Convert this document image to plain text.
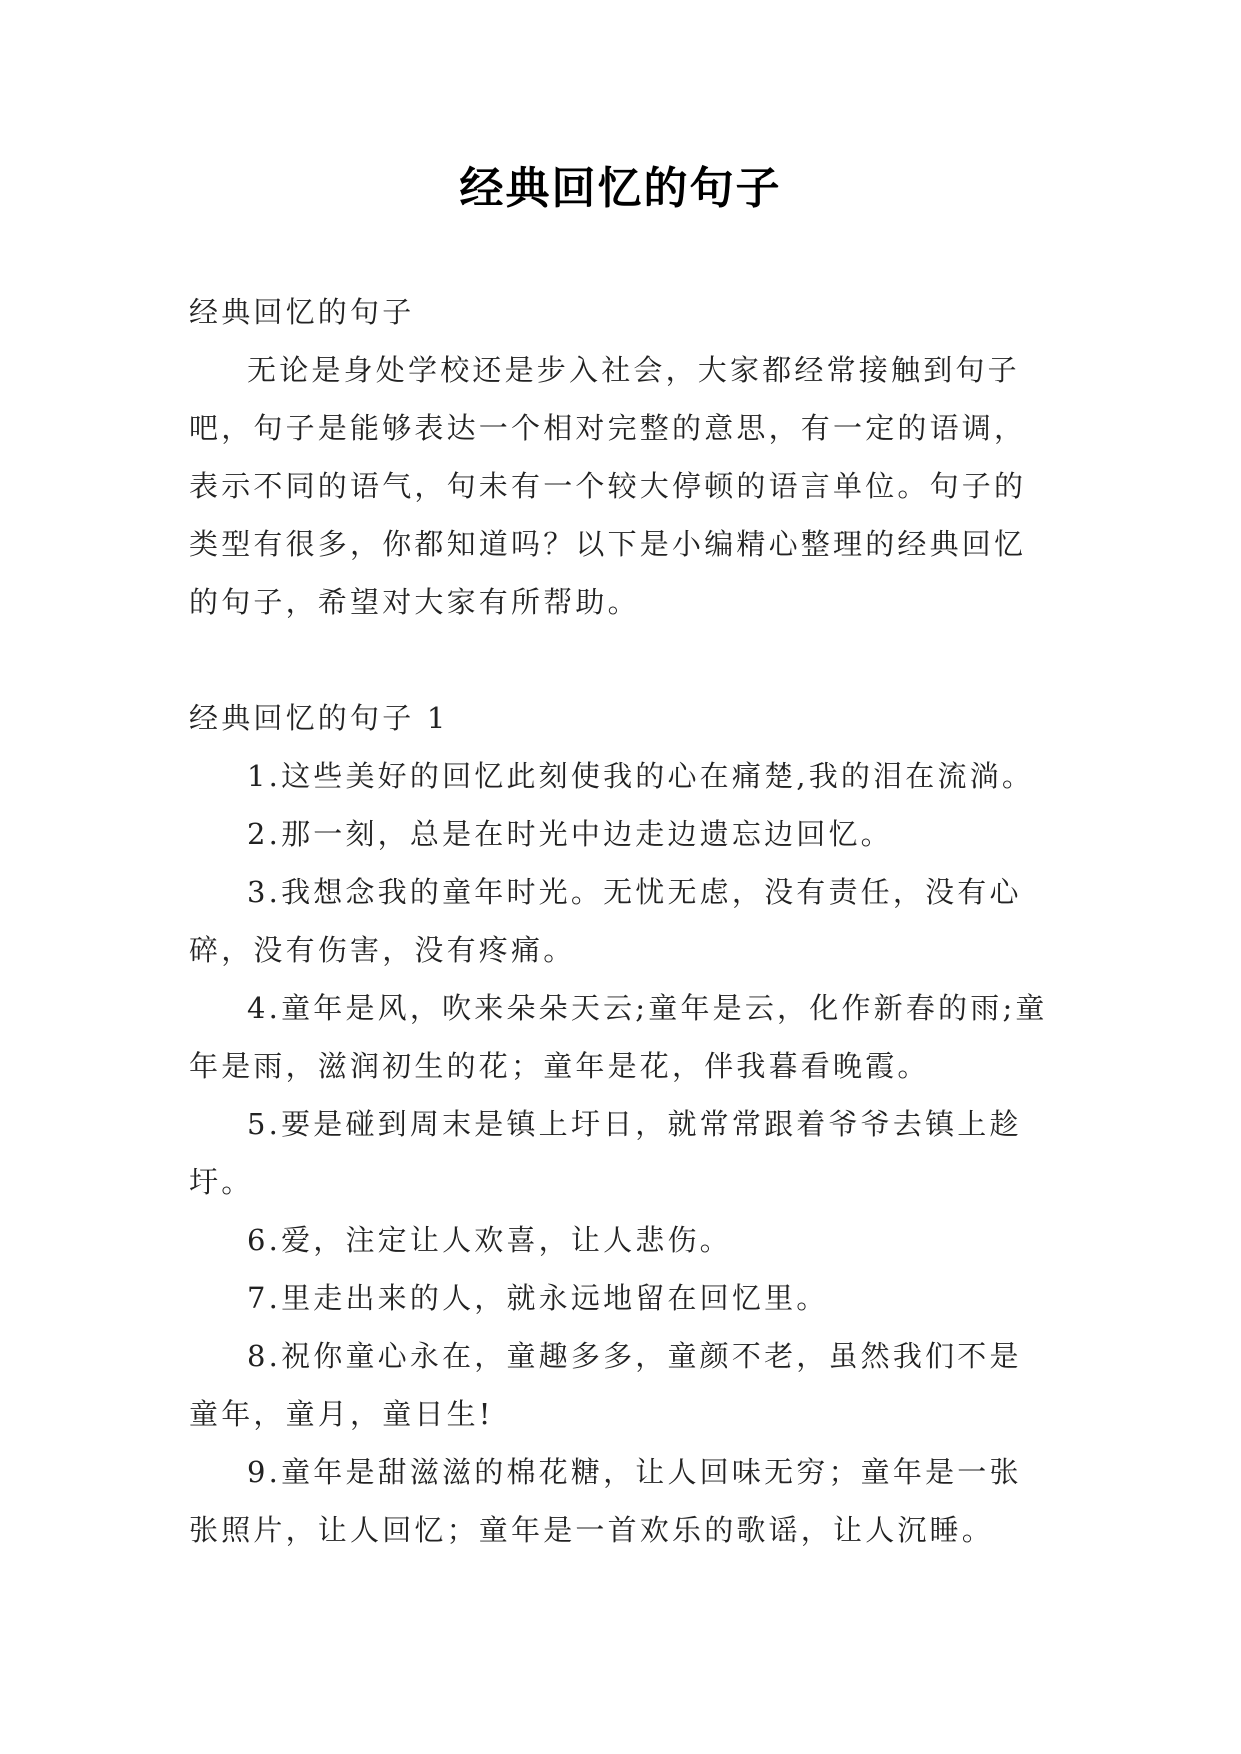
经典回忆的句子

经典回忆的句子

无论是身处学校还是步入社会，大家都经常接触到句子吧，句子是能够表达一个相对完整的意思，有一定的语调，表示不同的语气，句未有一个较大停顿的语言单位。句子的类型有很多，你都知道吗？以下是小编精心整理的经典回忆的句子，希望对大家有所帮助。

经典回忆的句子 1

1.这些美好的回忆此刻使我的心在痛楚,我的泪在流淌。

2.那一刻，总是在时光中边走边遗忘边回忆。

3.我想念我的童年时光。无忧无虑，没有责任，没有心碎，没有伤害，没有疼痛。

4.童年是风，吹来朵朵天云;童年是云，化作新春的雨;童年是雨，滋润初生的花；童年是花，伴我暮看晚霞。

5.要是碰到周末是镇上圩日，就常常跟着爷爷去镇上趁圩。

6.爱，注定让人欢喜，让人悲伤。

7.里走出来的人，就永远地留在回忆里。

8.祝你童心永在，童趣多多，童颜不老，虽然我们不是童年，童月，童日生!

9.童年是甜滋滋的棉花糖，让人回味无穷；童年是一张张照片，让人回忆；童年是一首欢乐的歌谣，让人沉睡。
